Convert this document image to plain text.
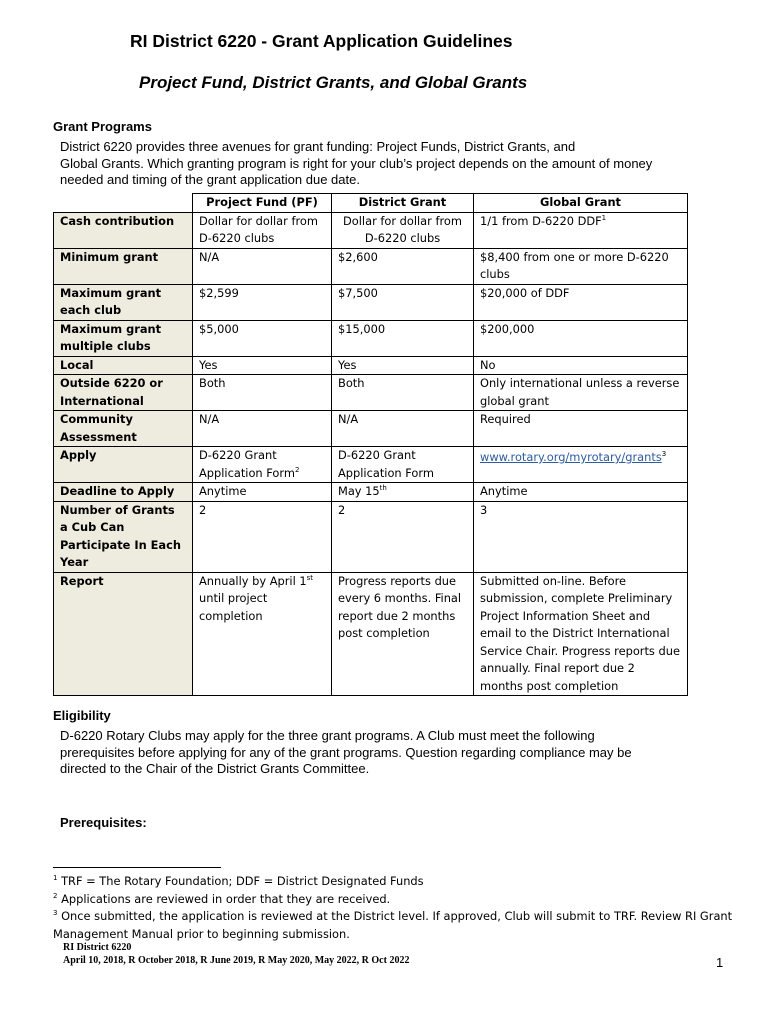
RI District 6220 - Grant Application Guidelines
Project Fund, District Grants, and Global Grants
Grant Programs
District 6220 provides three avenues for grant funding: Project Funds, District Grants, and
Global Grants. Which granting program is right for your club’s project depends on the amount of money
needed and timing of the grant application due date.
	Project Fund (PF)	District Grant	Global Grant
Cash contribution	Dollar for dollar from D-6220 clubs	Dollar for dollar from D-6220 clubs	1/1 from D-6220 DDF$^1$
Minimum grant	N/A	$2,600	$8,400 from one or more D-6220 clubs
Maximum grant each club	$2,599	$7,500	$20,000 of DDF
Maximum grant multiple clubs	$5,000	$15,000	$200,000
Local	Yes	Yes	No
Outside 6220 or International	Both	Both	Only international unless a reverse global grant
Community Assessment	N/A	N/A	Required
Apply	D-6220 Grant Application Form$^2$	D-6220 Grant Application Form	www.rotary.org/myrotary/grants$^3$
Deadline to Apply	Anytime	May 15th	Anytime
Number of Grants a Cub Can Participate In Each Year	2	2	3
Report	Annually by April 1st until project completion	Progress reports due every 6 months. Final report due 2 months post completion	Submitted on-line. Before submission, complete Preliminary Project Information Sheet and email to the District International Service Chair. Progress reports due annually. Final report due 2 months post completion
Eligibility
D-6220 Rotary Clubs may apply for the three grant programs. A Club must meet the following
prerequisites before applying for any of the grant programs. Question regarding compliance may be
directed to the Chair of the District Grants Committee.
Prerequisites:
$^1$ TRF = The Rotary Foundation; DDF = District Designated Funds
$^2$ Applications are reviewed in order that they are received.
$^3$ Once submitted, the application is reviewed at the District level. If approved, Club will submit to TRF. Review RI Grant
Management Manual prior to beginning submission.
RI District 6220
April 10, 2018, R October 2018, R June 2019, R May 2020, May 2022, R Oct 2022	1
